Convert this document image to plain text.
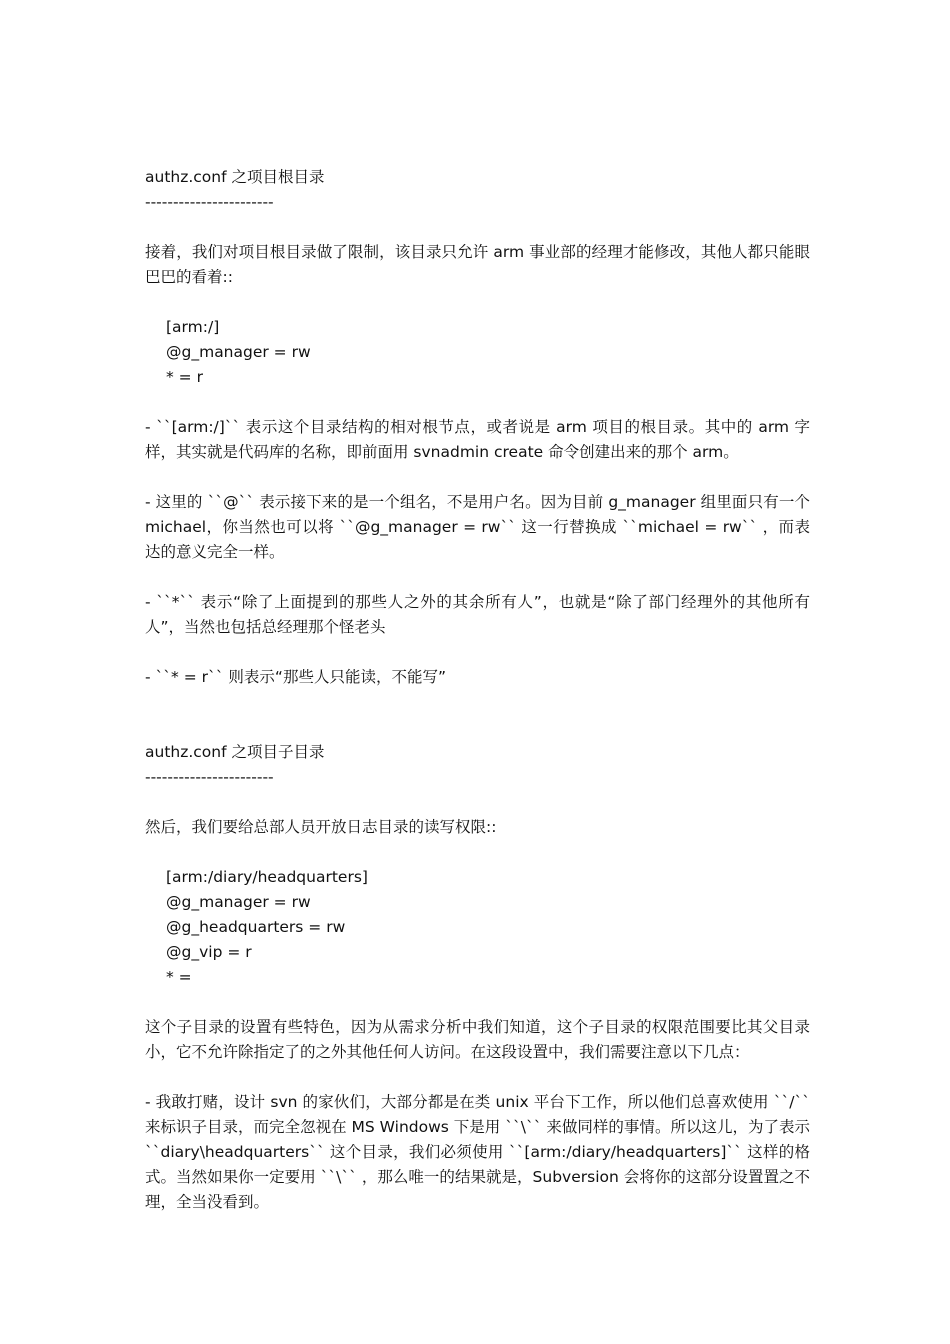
authz.conf 之项目根目录

-----------------------

接着，我们对项目根目录做了限制，该目录只允许 arm 事业部的经理才能修改，其他人都只能眼巴巴的看着::

[arm:/]

@g_manager = rw

* = r

- ``[arm:/]`` 表示这个目录结构的相对根节点，或者说是 arm 项目的根目录。其中的 arm 字样，其实就是代码库的名称，即前面用 svnadmin create 命令创建出来的那个 arm。

- 这里的 ``@`` 表示接下来的是一个组名，不是用户名。因为目前 g_manager 组里面只有一个 michael，你当然也可以将 ``@g_manager = rw`` 这一行替换成 ``michael = rw`` ，而表达的意义完全一样。

- ``*`` 表示“除了上面提到的那些人之外的其余所有人”，也就是“除了部门经理外的其他所有人”，当然也包括总经理那个怪老头

- ``* = r`` 则表示“那些人只能读，不能写”

authz.conf 之项目子目录

-----------------------

然后，我们要给总部人员开放日志目录的读写权限::

[arm:/diary/headquarters]

@g_manager = rw

@g_headquarters = rw

@g_vip = r

* =

这个子目录的设置有些特色，因为从需求分析中我们知道，这个子目录的权限范围要比其父目录小，它不允许除指定了的之外其他任何人访问。在这段设置中，我们需要注意以下几点：

- 我敢打赌，设计 svn 的家伙们，大部分都是在类 unix 平台下工作，所以他们总喜欢使用 ``/`` 来标识子目录，而完全忽视在 MS Windows 下是用 ``\`` 来做同样的事情。所以这儿，为了表示 ``diary\headquarters`` 这个目录，我们必须使用 ``[arm:/diary/headquarters]`` 这样的格式。当然如果你一定要用 ``\`` ，那么唯一的结果就是，Subversion 会将你的这部分设置置之不理，全当没看到。
